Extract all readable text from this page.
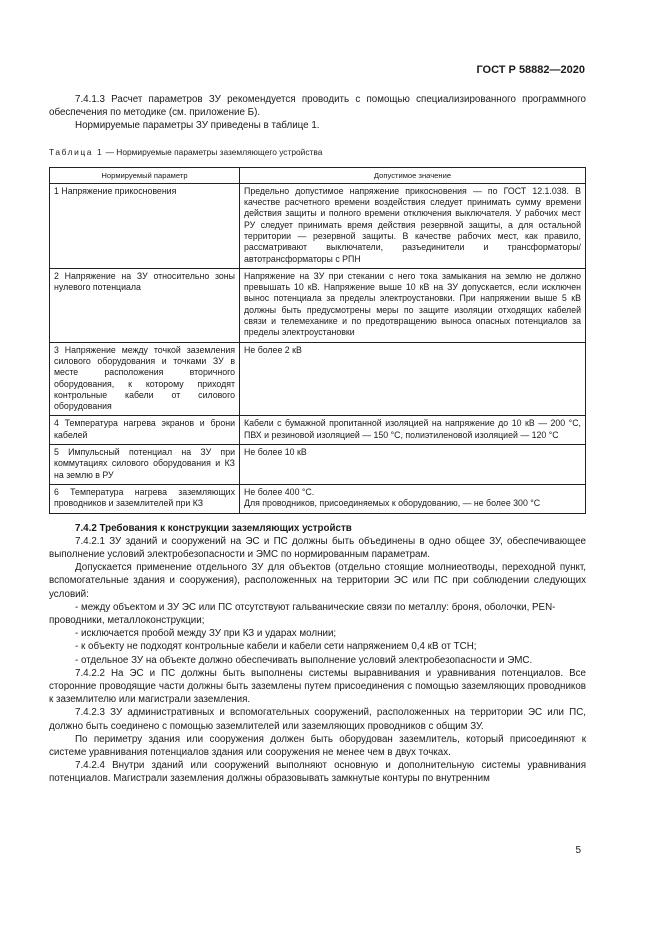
ГОСТ Р 58882—2020

7.4.1.3 Расчет параметров ЗУ рекомендуется проводить с помощью специализированного программного обеспечения по методике (см. приложение Б).

Нормируемые параметры ЗУ приведены в таблице 1.

Таблица 1 — Нормируемые параметры заземляющего устройства
Нормируемый параметр	Допустимое значение
1 Напряжение прикосновения	Предельно допустимое напряжение прикосновения — по ГОСТ 12.1.038. В качестве расчетного времени воздействия следует принимать сумму времени действия защиты и полного времени отключения выключателя. У рабочих мест РУ следует принимать время действия резервной защиты, а для остальной территории — резервной защиты. В качестве рабочих мест, как правило, рассматривают выключатели, разъединители и трансформаторы/автотрансформаторы с РПН
2 Напряжение на ЗУ относительно зоны нулевого потенциала	Напряжение на ЗУ при стекании с него тока замыкания на землю не должно превышать 10 кВ. Напряжение выше 10 кВ на ЗУ допускается, если исключен вынос потенциала за пределы электроустановки. При напряжении выше 5 кВ должны быть предусмотрены меры по защите изоляции отходящих кабелей связи и телемеханике и по предотвращению выноса опасных потенциалов за пределы электроустановки
3 Напряжение между точкой заземления силового оборудования и точками ЗУ в месте расположения вторичного оборудования, к которому приходят контрольные кабели от силового оборудования	Не более 2 кВ
4 Температура нагрева экранов и брони кабелей	Кабели с бумажной пропитанной изоляцией на напряжение до 10 кВ — 200 °С, ПВХ и резиновой изоляцией — 150 °С, полиэтиленовой изоляцией — 120 °С
5 Импульсный потенциал на ЗУ при коммутациях силового оборудования и КЗ на землю в РУ	Не более 10 кВ
6 Температура нагрева заземляющих проводников и заземлителей при КЗ	Не более 400 °С.
Для проводников, присоединяемых к оборудованию, — не более 300 °С

7.4.2 Требования к конструкции заземляющих устройств

7.4.2.1 ЗУ зданий и сооружений на ЭС и ПС должны быть объединены в одно общее ЗУ, обеспечивающее выполнение условий электробезопасности и ЭМС по нормированным параметрам.

Допускается применение отдельного ЗУ для объектов (отдельно стоящие молниеотводы, переходной пункт, вспомогательные здания и сооружения), расположенных на территории ЭС или ПС при соблюдении следующих условий:

- между объектом и ЗУ ЭС или ПС отсутствуют гальванические связи по металлу: броня, оболочки, PEN-проводники, металлоконструкции;

- исключается пробой между ЗУ при КЗ и ударах молнии;

- к объекту не подходят контрольные кабели и кабели сети напряжением 0,4 кВ от ТСН;

- отдельное ЗУ на объекте должно обеспечивать выполнение условий электробезопасности и ЭМС.

7.4.2.2 На ЭС и ПС должны быть выполнены системы выравнивания и уравнивания потенциалов. Все сторонние проводящие части должны быть заземлены путем присоединения с помощью заземляющих проводников к заземлителю или магистрали заземления.

7.4.2.3 ЗУ административных и вспомогательных сооружений, расположенных на территории ЭС или ПС, должно быть соединено с помощью заземлителей или заземляющих проводников с общим ЗУ.

По периметру здания или сооружения должен быть оборудован заземлитель, который присоединяют к системе уравнивания потенциалов здания или сооружения не менее чем в двух точках.

7.4.2.4 Внутри зданий или сооружений выполняют основную и дополнительную системы уравнивания потенциалов. Магистрали заземления должны образовывать замкнутые контуры по внутренним

5
